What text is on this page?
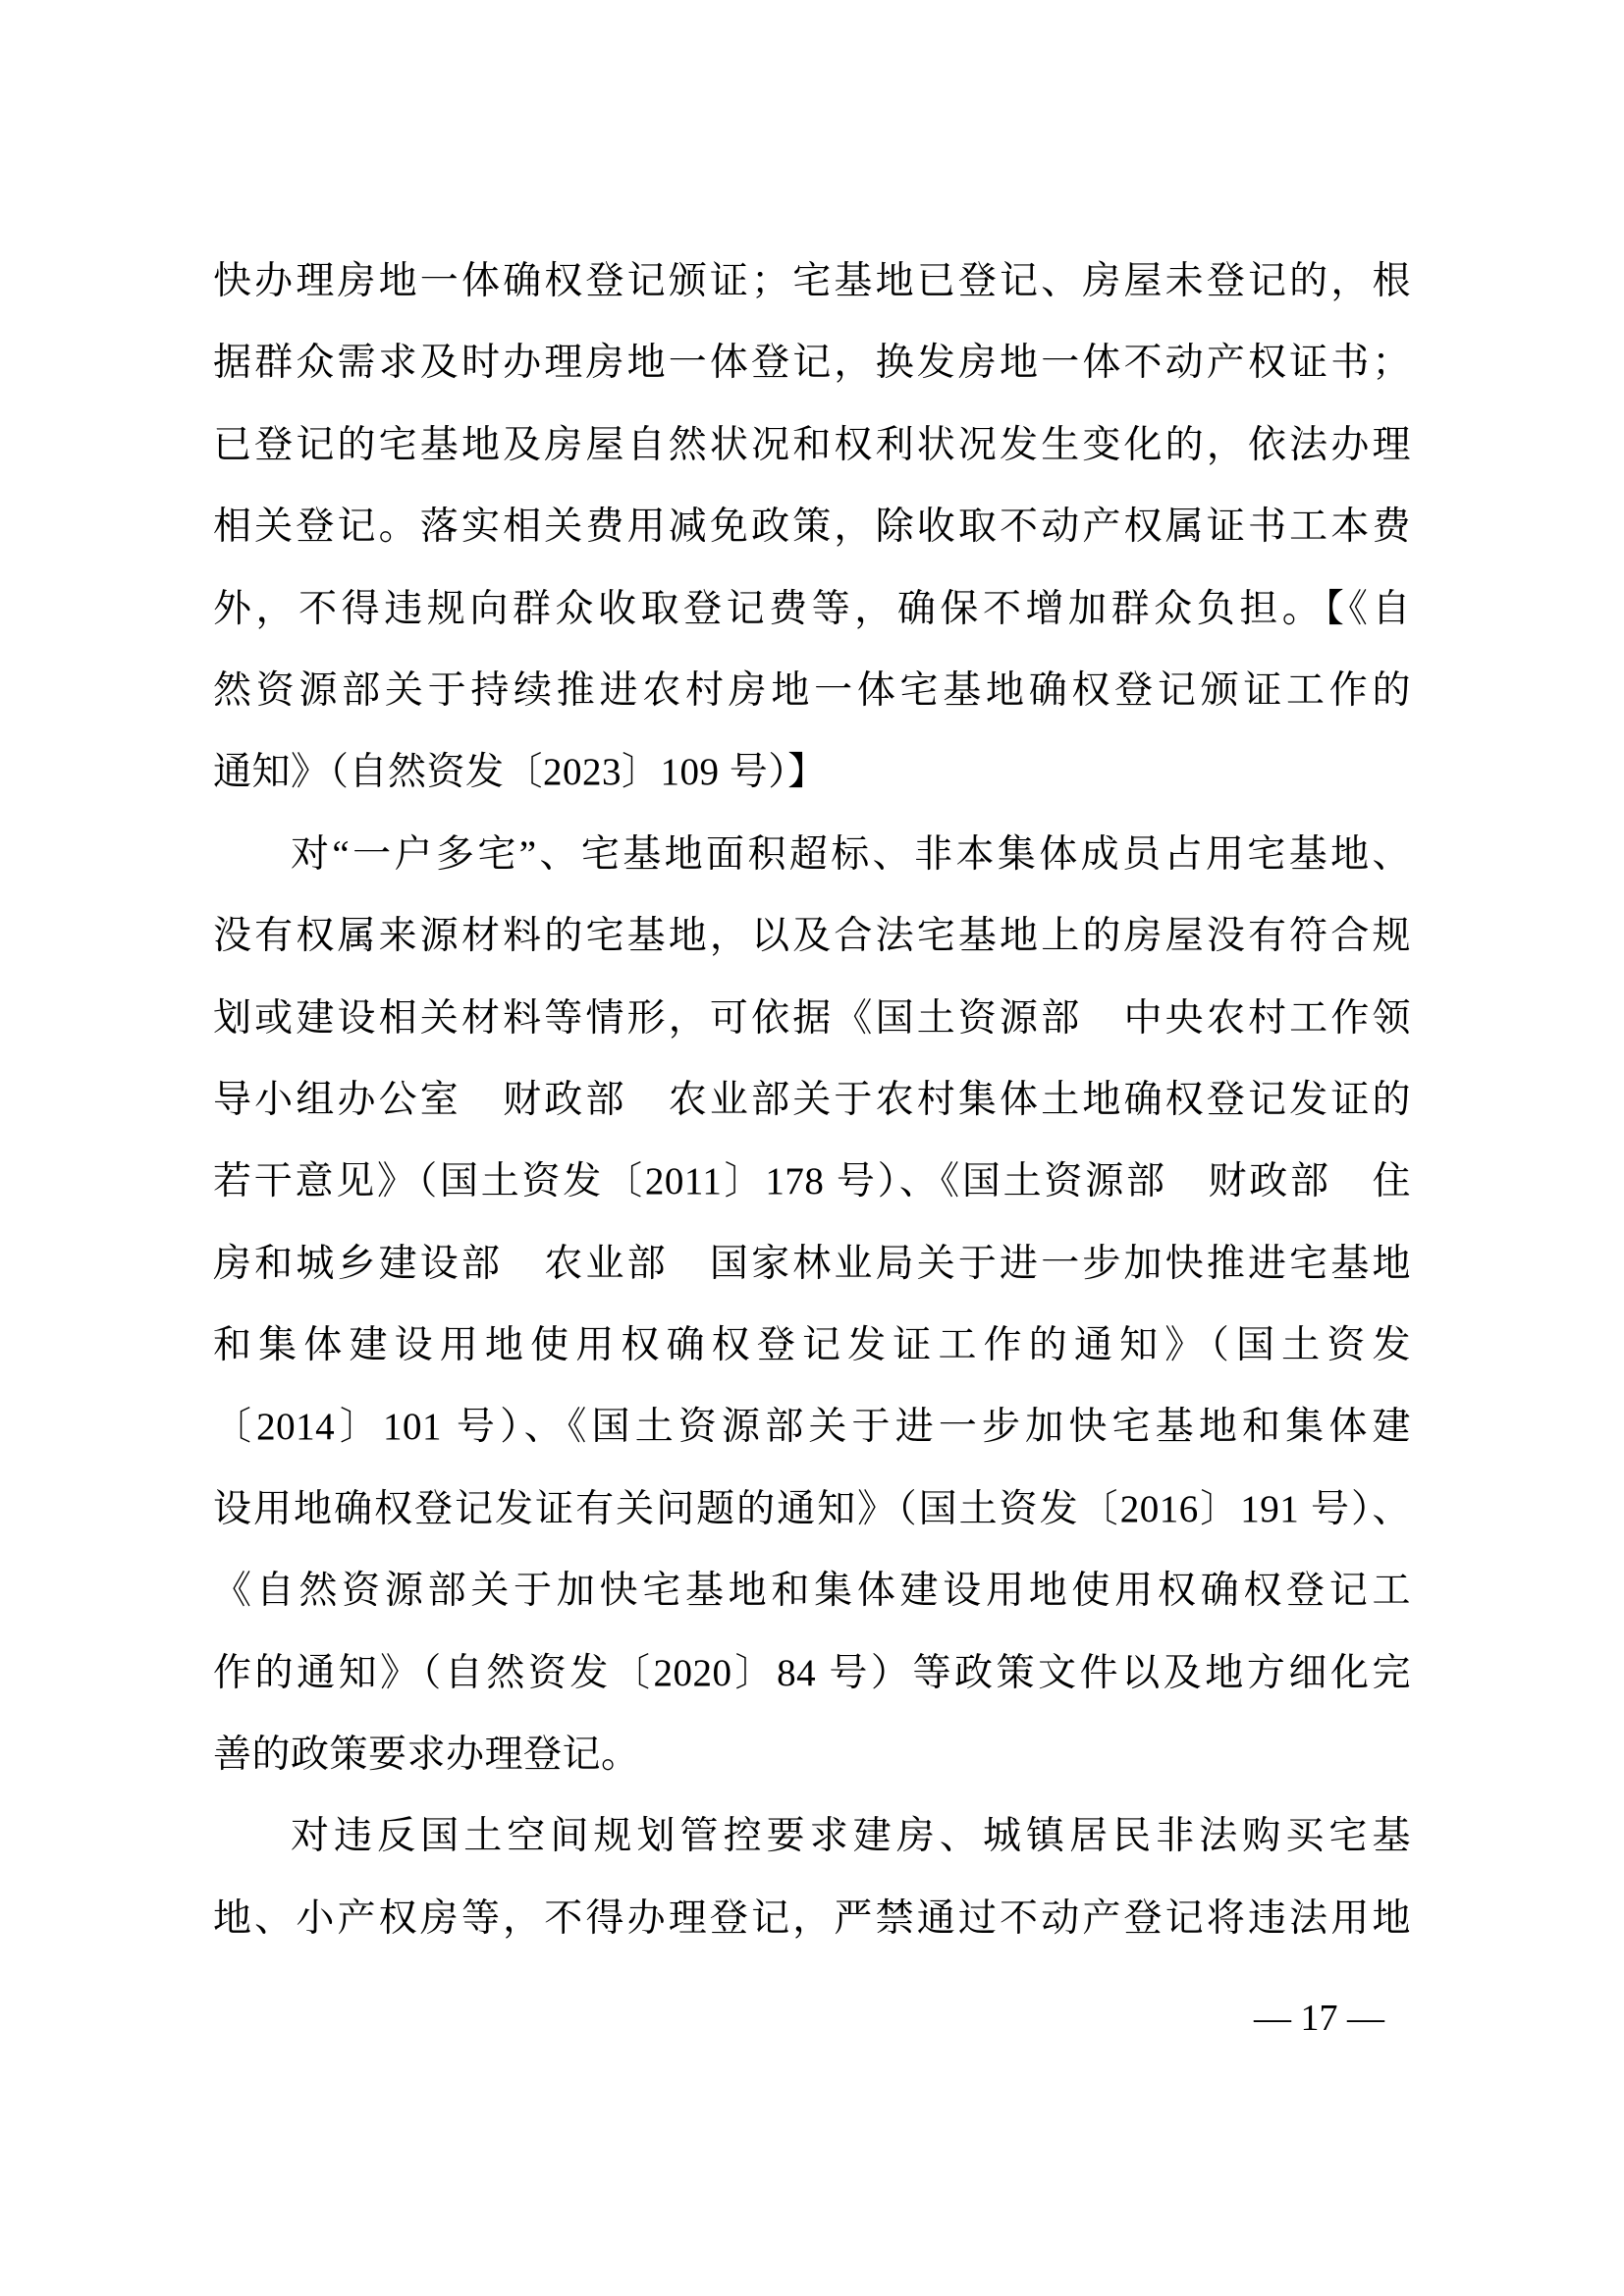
快办理房地一体确权登记颁证；宅基地已登记、房屋未登记的，根
据群众需求及时办理房地一体登记，换发房地一体不动产权证书；
已登记的宅基地及房屋自然状况和权利状况发生变化的，依法办理
相关登记。落实相关费用减免政策，除收取不动产权属证书工本费
外，不得违规向群众收取登记费等，确保不增加群众负担。【《自
然资源部关于持续推进农村房地一体宅基地确权登记颁证工作的
通知》（自然资发〔2023〕109 号）】
对“一户多宅”、宅基地面积超标、非本集体成员占用宅基地、
没有权属来源材料的宅基地，以及合法宅基地上的房屋没有符合规
划或建设相关材料等情形，可依据《国土资源部　中央农村工作领
导小组办公室　财政部　农业部关于农村集体土地确权登记发证的
若干意见》（国土资发〔2011〕178 号）、《国土资源部　财政部　住
房和城乡建设部　农业部　国家林业局关于进一步加快推进宅基地
和集体建设用地使用权确权登记发证工作的通知》（国土资发
〔2014〕101 号）、《国土资源部关于进一步加快宅基地和集体建
设用地确权登记发证有关问题的通知》（国土资发〔2016〕191 号）、
《自然资源部关于加快宅基地和集体建设用地使用权确权登记工
作的通知》（自然资发〔2020〕84 号）等政策文件以及地方细化完
善的政策要求办理登记。
对违反国土空间规划管控要求建房、城镇居民非法购买宅基
地、小产权房等，不得办理登记，严禁通过不动产登记将违法用地
— 17 —
